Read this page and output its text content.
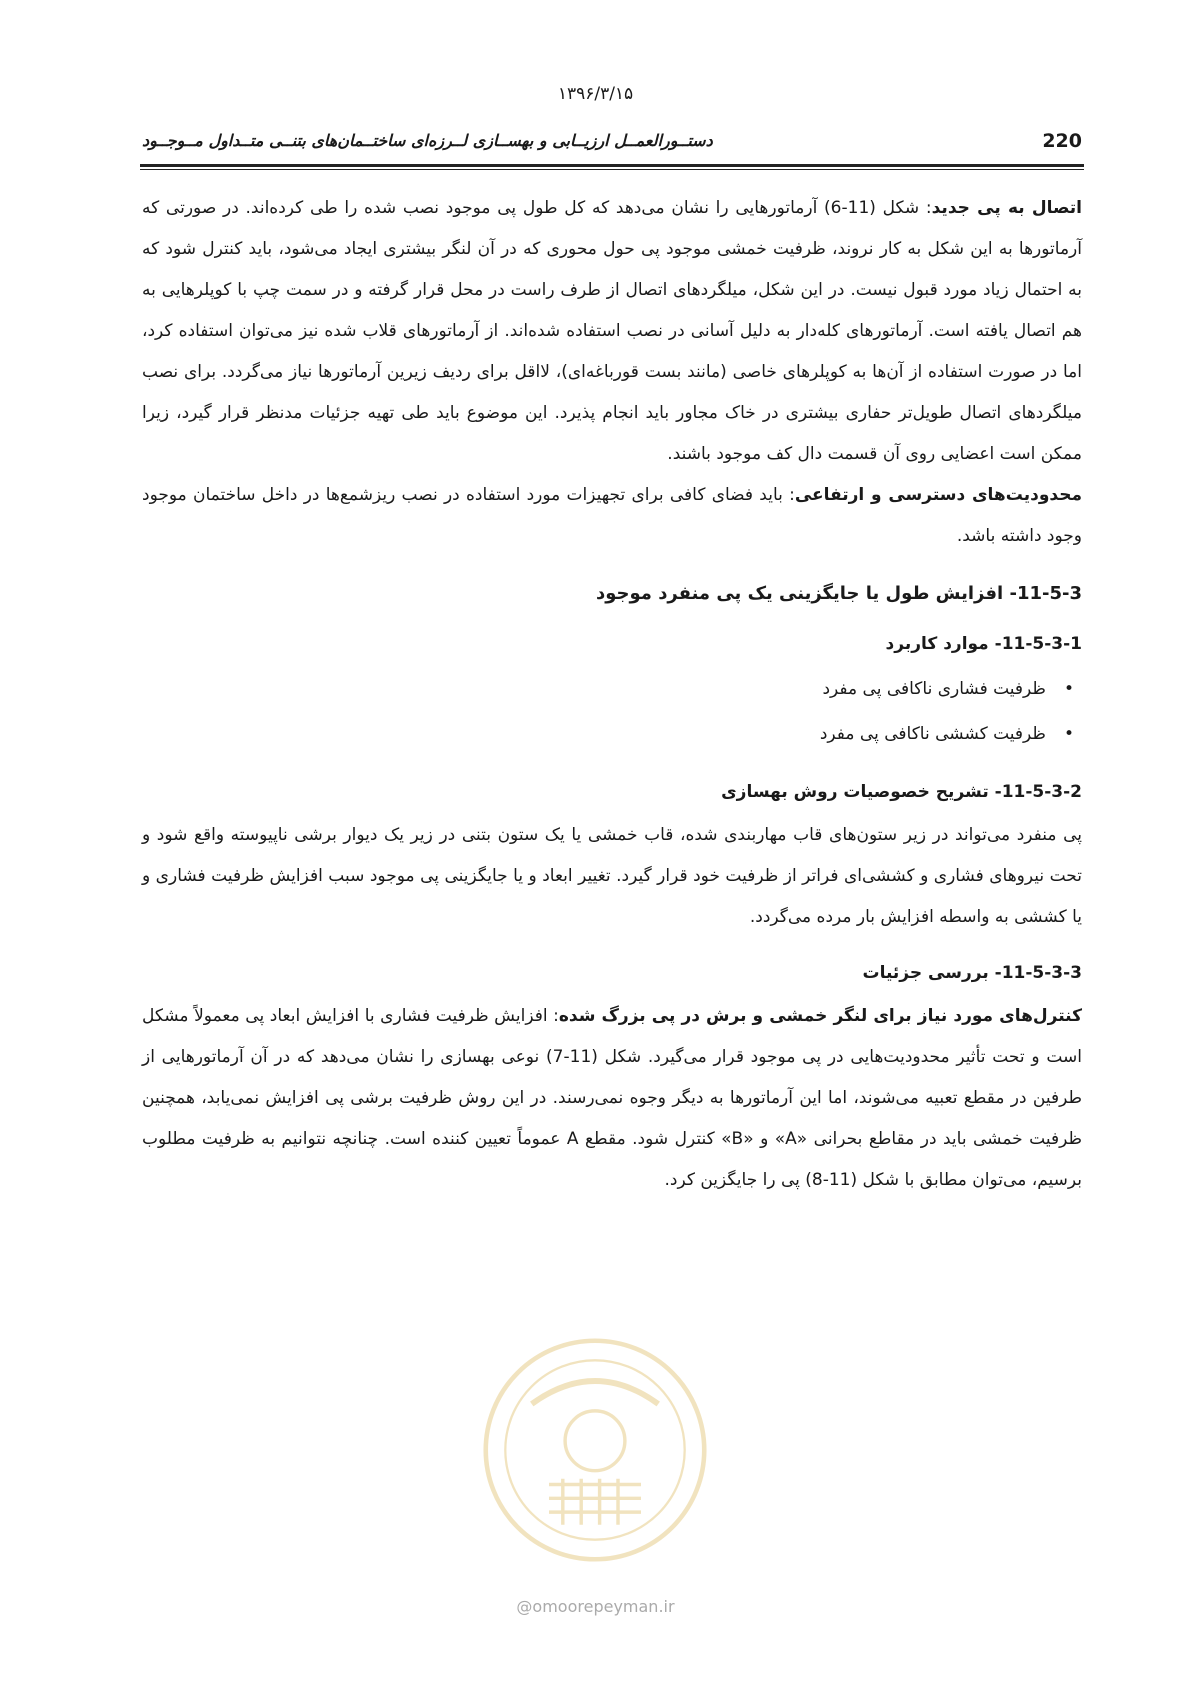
۱۳۹۶/۳/۱۵
220
دستــورالعمــل ارزیــابی و بهســازی لــرزه‌ای ساختــمان‌های بتنــی متــداول مــوجــود

اتصال به پی جدید: شکل (11-6) آرماتورهایی را نشان می‌دهد که کل طول پی موجود نصب شده را طی کرده‌اند. در صورتی که آرماتورها به این شکل به کار نروند، ظرفیت خمشی موجود پی حول محوری که در آن لنگر بیشتری ایجاد می‌شود، باید کنترل شود که به احتمال زیاد مورد قبول نیست. در این شکل، میلگردهای اتصال از طرف راست در محل قرار گرفته و در سمت چپ با کوپلرهایی به هم اتصال یافته است. آرماتورهای کله‌دار به دلیل آسانی در نصب استفاده شده‌اند. از آرماتورهای قلاب شده نیز می‌توان استفاده کرد، اما در صورت استفاده از آن‌ها به کوپلرهای خاصی (مانند بست قورباغه‌ای)، لااقل برای ردیف زیرین آرماتورها نیاز می‌گردد. برای نصب میلگردهای اتصال طویل‌تر حفاری بیشتری در خاک مجاور باید انجام پذیرد. این موضوع باید طی تهیه جزئیات مدنظر قرار گیرد، زیرا ممکن است اعضایی روی آن قسمت دال کف موجود باشند.

محدودیت‌های دسترسی و ارتفاعی: باید فضای کافی برای تجهیزات مورد استفاده در نصب ریزشمع‌ها در داخل ساختمان موجود وجود داشته باشد.

11-5-3- افزایش طول یا جایگزینی یک پی منفرد موجود
11-5-3-1- موارد کاربرد
•ظرفیت فشاری ناکافی پی مفرد
•ظرفیت کششی ناکافی پی مفرد
11-5-3-2- تشریح خصوصیات روش بهسازی

پی منفرد می‌تواند در زیر ستون‌های قاب مهاربندی شده، قاب خمشی یا یک ستون بتنی در زیر یک دیوار برشی ناپیوسته واقع شود و تحت نیروهای فشاری و کششی‌ای فراتر از ظرفیت خود قرار گیرد. تغییر ابعاد و یا جایگزینی پی موجود سبب افزایش ظرفیت فشاری و یا کششی به واسطه افزایش بار مرده می‌گردد.

11-5-3-3- بررسی جزئیات

کنترل‌های مورد نیاز برای لنگر خمشی و برش در پی بزرگ شده: افزایش ظرفیت فشاری با افزایش ابعاد پی معمولاً مشکل است و تحت تأثیر محدودیت‌هایی در پی موجود قرار می‌گیرد. شکل (11-7) نوعی بهسازی را نشان می‌دهد که در آن آرماتورهایی از طرفین در مقطع تعبیه می‌شوند، اما این آرماتورها به دیگر وجوه نمی‌رسند. در این روش ظرفیت برشی پی افزایش نمی‌یابد، همچنین ظرفیت خمشی باید در مقاطع بحرانی «A» و «B» کنترل شود. مقطع A عموماً تعیین کننده است. چنانچه نتوانیم به ظرفیت مطلوب برسیم، می‌توان مطابق با شکل (11-8) پی را جایگزین کرد.

@omoorepeyman.ir
